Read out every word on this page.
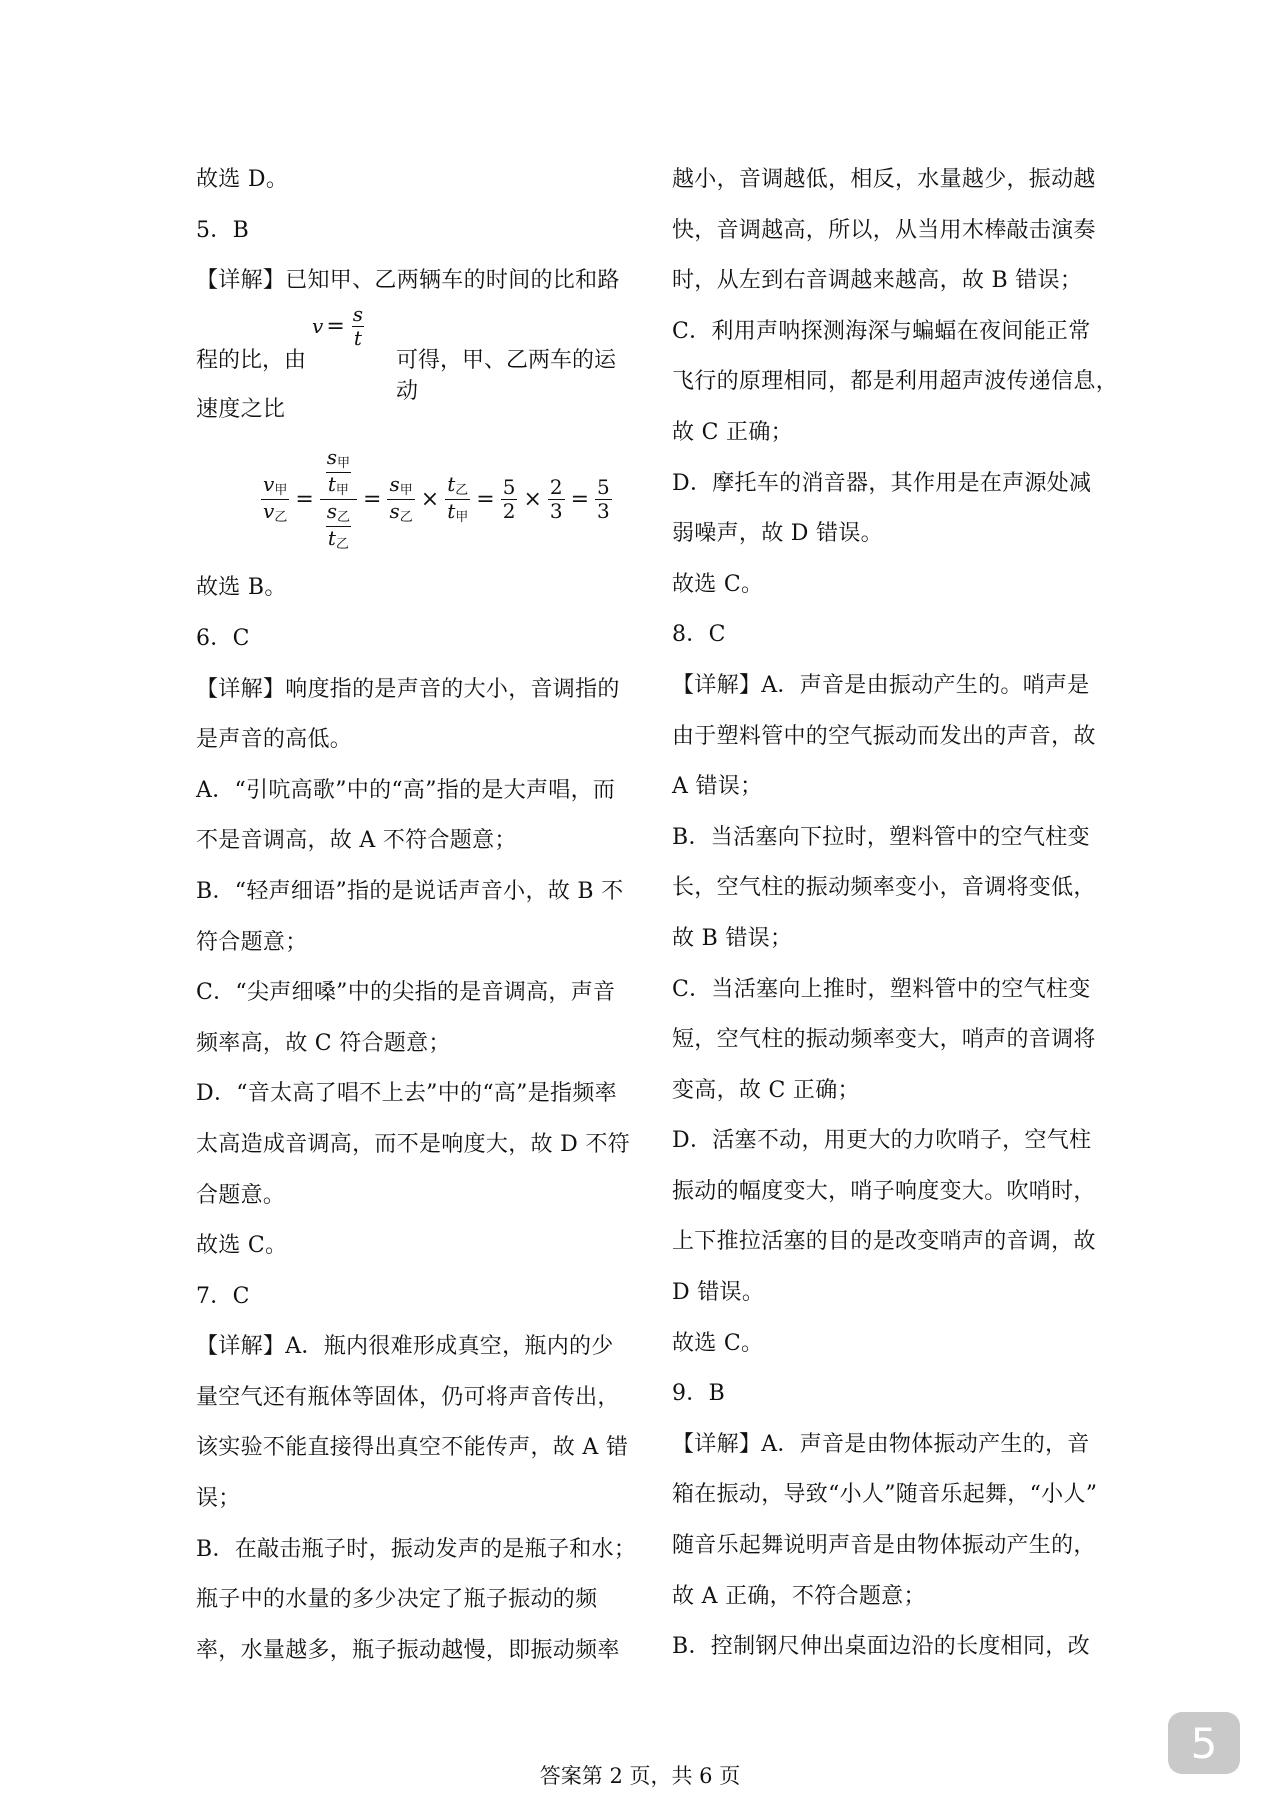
故选 D。
5．B
【详解】已知甲、乙两辆车的时间的比和路
程的比，由
$v = \frac{s}{t}$
可得，甲、乙两车的运动
速度之比
$\frac{v_甲}{v_乙} = \frac{\frac{s_甲}{t_甲}}{\frac{s_乙}{t_乙}} = \frac{s_甲}{s_乙} \times \frac{t_乙}{t_甲} = \frac{5}{2} \times \frac{2}{3} = \frac{5}{3}$
故选 B。
6．C
【详解】响度指的是声音的大小，音调指的
是声音的高低。
A．“引吭高歌”中的“高”指的是大声唱，而
不是音调高，故 A 不符合题意；
B．“轻声细语”指的是说话声音小，故 B 不
符合题意；
C．“尖声细嗓”中的尖指的是音调高，声音
频率高，故 C 符合题意；
D．“音太高了唱不上去”中的“高”是指频率
太高造成音调高，而不是响度大，故 D 不符
合题意。
故选 C。
7．C
【详解】A．瓶内很难形成真空，瓶内的少
量空气还有瓶体等固体，仍可将声音传出，
该实验不能直接得出真空不能传声，故 A 错
误；
B．在敲击瓶子时，振动发声的是瓶子和水；
瓶子中的水量的多少决定了瓶子振动的频
率，水量越多，瓶子振动越慢，即振动频率
越小，音调越低，相反，水量越少，振动越
快，音调越高，所以，从当用木棒敲击演奏
时，从左到右音调越来越高，故 B 错误；
C．利用声呐探测海深与蝙蝠在夜间能正常
飞行的原理相同，都是利用超声波传递信息，
故 C 正确；
D．摩托车的消音器，其作用是在声源处减
弱噪声，故 D 错误。
故选 C。
8．C
【详解】A．声音是由振动产生的。哨声是
由于塑料管中的空气振动而发出的声音，故
A 错误；
B．当活塞向下拉时，塑料管中的空气柱变
长，空气柱的振动频率变小，音调将变低，
故 B 错误；
C．当活塞向上推时，塑料管中的空气柱变
短，空气柱的振动频率变大，哨声的音调将
变高，故 C 正确；
D．活塞不动，用更大的力吹哨子，空气柱
振动的幅度变大，哨子响度变大。吹哨时，
上下推拉活塞的目的是改变哨声的音调，故
D 错误。
故选 C。
9．B
【详解】A．声音是由物体振动产生的，音
箱在振动，导致“小人”随音乐起舞，“小人”
随音乐起舞说明声音是由物体振动产生的，
故 A 正确，不符合题意；
B．控制钢尺伸出桌面边沿的长度相同，改
答案第 2 页，共 6 页
5
